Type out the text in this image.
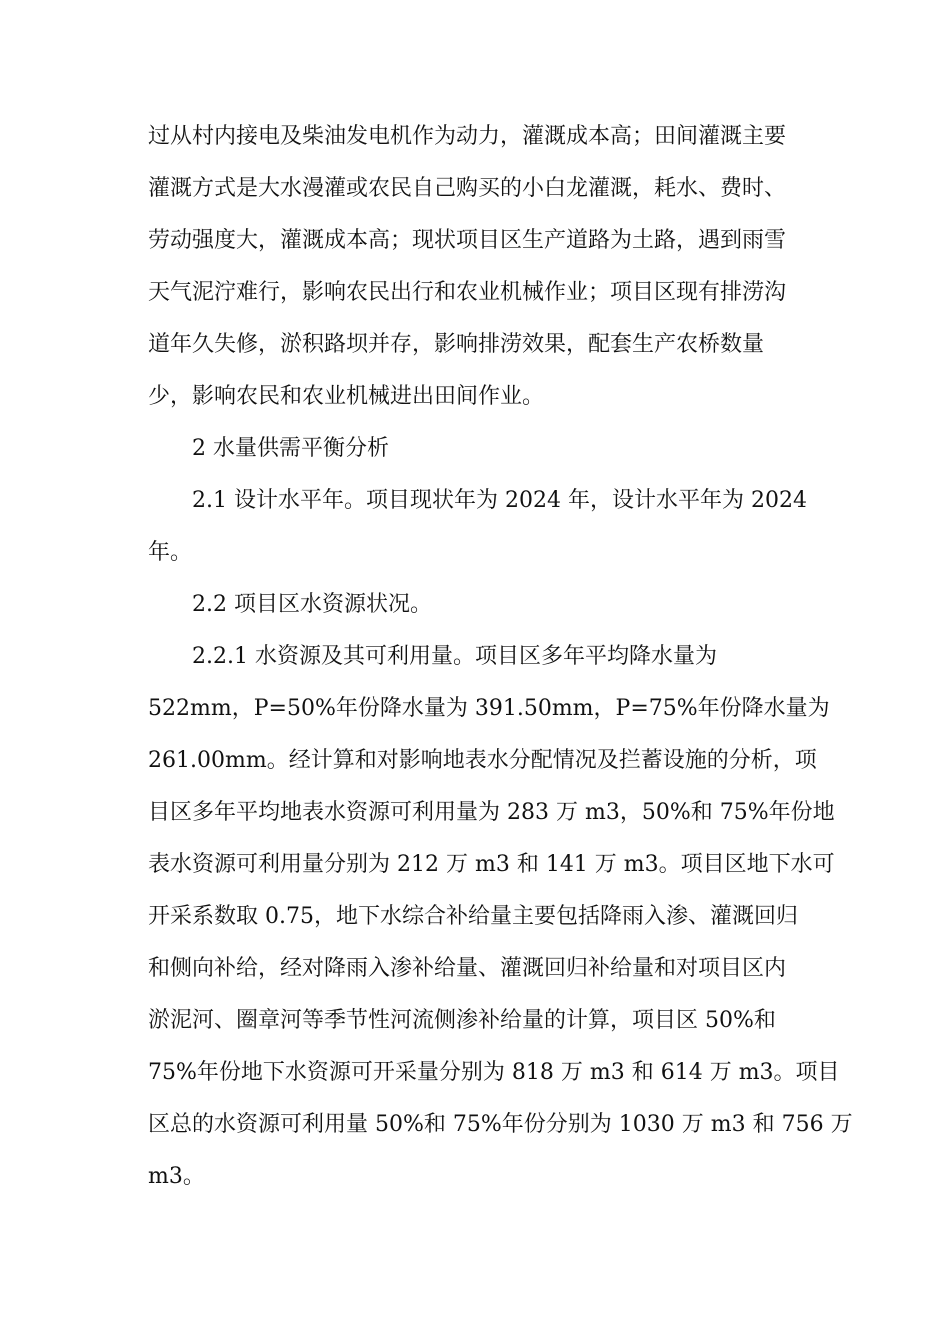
过从村内接电及柴油发电机作为动力，灌溉成本高；田间灌溉主要
灌溉方式是大水漫灌或农民自己购买的小白龙灌溉，耗水、费时、
劳动强度大，灌溉成本高；现状项目区生产道路为土路，遇到雨雪
天气泥泞难行，影响农民出行和农业机械作业；项目区现有排涝沟
道年久失修，淤积路坝并存，影响排涝效果，配套生产农桥数量
少，影响农民和农业机械进出田间作业。
2 水量供需平衡分析
2.1 设计水平年。项目现状年为 2024 年，设计水平年为 2024
年。
2.2 项目区水资源状况。
2.2.1 水资源及其可利用量。项目区多年平均降水量为
522mm，P=50%年份降水量为 391.50mm，P=75%年份降水量为
261.00mm。经计算和对影响地表水分配情况及拦蓄设施的分析，项
目区多年平均地表水资源可利用量为 283 万 m3，50%和 75%年份地
表水资源可利用量分别为 212 万 m3 和 141 万 m3。项目区地下水可
开采系数取 0.75，地下水综合补给量主要包括降雨入渗、灌溉回归
和侧向补给，经对降雨入渗补给量、灌溉回归补给量和对项目区内
淤泥河、圈章河等季节性河流侧渗补给量的计算，项目区 50%和
75%年份地下水资源可开采量分别为 818 万 m3 和 614 万 m3。项目
区总的水资源可利用量 50%和 75%年份分别为 1030 万 m3 和 756 万
m3。
